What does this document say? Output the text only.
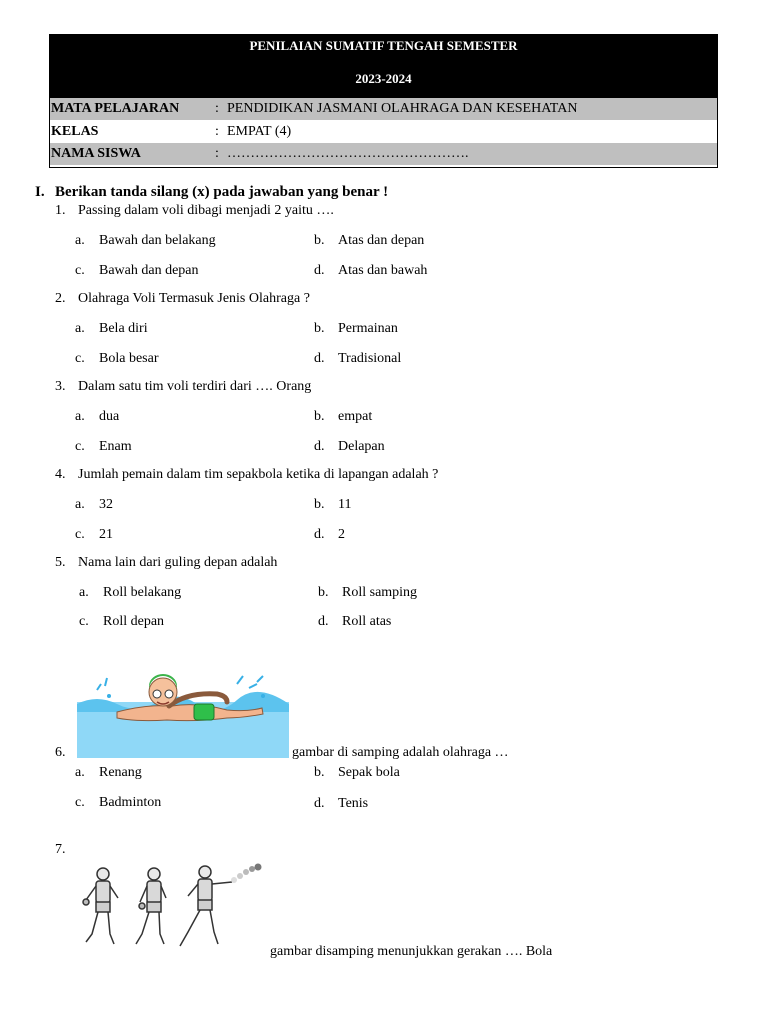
PENILAIAN SUMATIF TENGAH SEMESTER
2023-2024
MATA PELAJARAN	: PENDIDIKAN JASMANI OLAHRAGA DAN KESEHATAN
KELAS	: EMPAT (4)
NAMA SISWA	: …………………………………………….
I. Berikan tanda silang (x) pada jawaban yang benar !
1. Passing dalam voli dibagi menjadi 2 yaitu ….
a. Bawah dan belakang	b. Atas dan depan
c. Bawah dan depan	d. Atas dan bawah
2. Olahraga Voli Termasuk Jenis Olahraga ?
a. Bela diri	b. Permainan
c. Bola besar	d. Tradisional
3. Dalam satu tim voli terdiri dari …. Orang
a. dua	b. empat
c. Enam	d. Delapan
4. Jumlah pemain dalam tim sepakbola ketika di lapangan adalah ?
a. 32	b. 11
c. 21	d. 2
5. Nama lain dari guling depan adalah
a. Roll belakang	b. Roll samping
c. Roll depan	d. Roll atas
6.	gambar di samping adalah olahraga …
a. Renang	b. Sepak bola
c. Badminton	d. Tenis
7.
gambar disamping menunjukkan gerakan …. Bola
